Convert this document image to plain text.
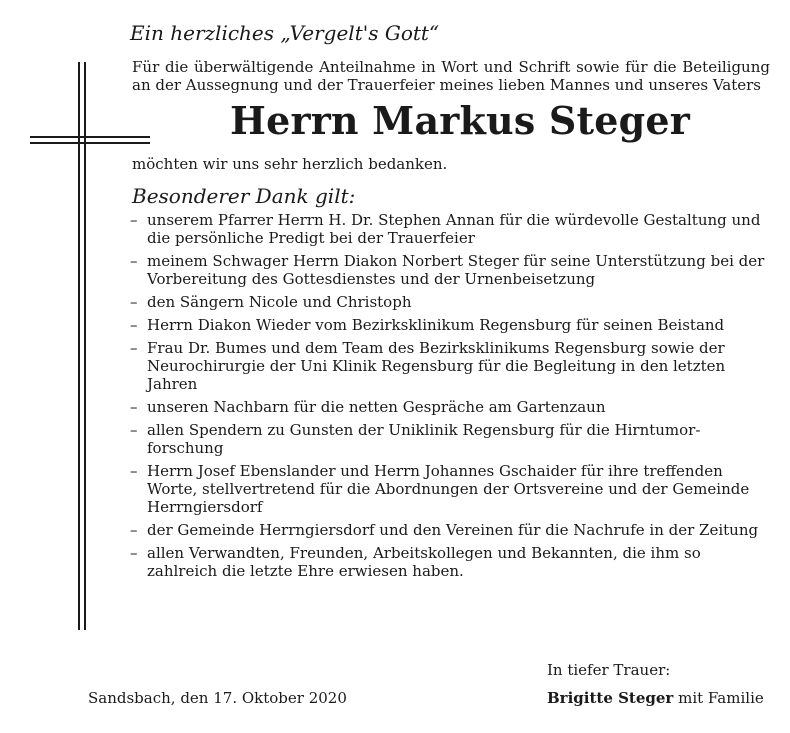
Ein herzliches „Vergelt's Gott“

Für die überwältigende Anteilnahme in Wort und Schrift sowie für die Beteiligung an der Aussegnung und der Trauerfeier meines lieben Mannes und unseres Vaters

Herrn Markus Steger

möchten wir uns sehr herzlich bedanken.

Besonderer Dank gilt:
– unserem Pfarrer Herrn H. Dr. Stephen Annan für die würdevolle Gestaltung und die persönliche Predigt bei der Trauerfeier
– meinem Schwager Herrn Diakon Norbert Steger für seine Unterstützung bei der Vorbereitung des Gottesdienstes und der Urnenbeisetzung
– den Sängern Nicole und Christoph
– Herrn Diakon Wieder vom Bezirksklinikum Regensburg für seinen Beistand
– Frau Dr. Bumes und dem Team des Bezirksklinikums Regensburg sowie der Neurochirurgie der Uni Klinik Regensburg für die Begleitung in den letzten Jahren
– unseren Nachbarn für die netten Gespräche am Gartenzaun
– allen Spendern zu Gunsten der Uniklinik Regensburg für die Hirntumor-forschung
– Herrn Josef Ebenslander und Herrn Johannes Gschaider für ihre treffenden Worte, stellvertretend für die Abordnungen der Ortsvereine und der Gemeinde Herrngiersdorf
– der Gemeinde Herrngiersdorf und den Vereinen für die Nachrufe in der Zeitung
– allen Verwandten, Freunden, Arbeitskollegen und Bekannten, die ihm so zahlreich die letzte Ehre erwiesen haben.
Sandsbach, den 17. Oktober 2020
In tiefer Trauer:
Brigitte Steger mit Familie
